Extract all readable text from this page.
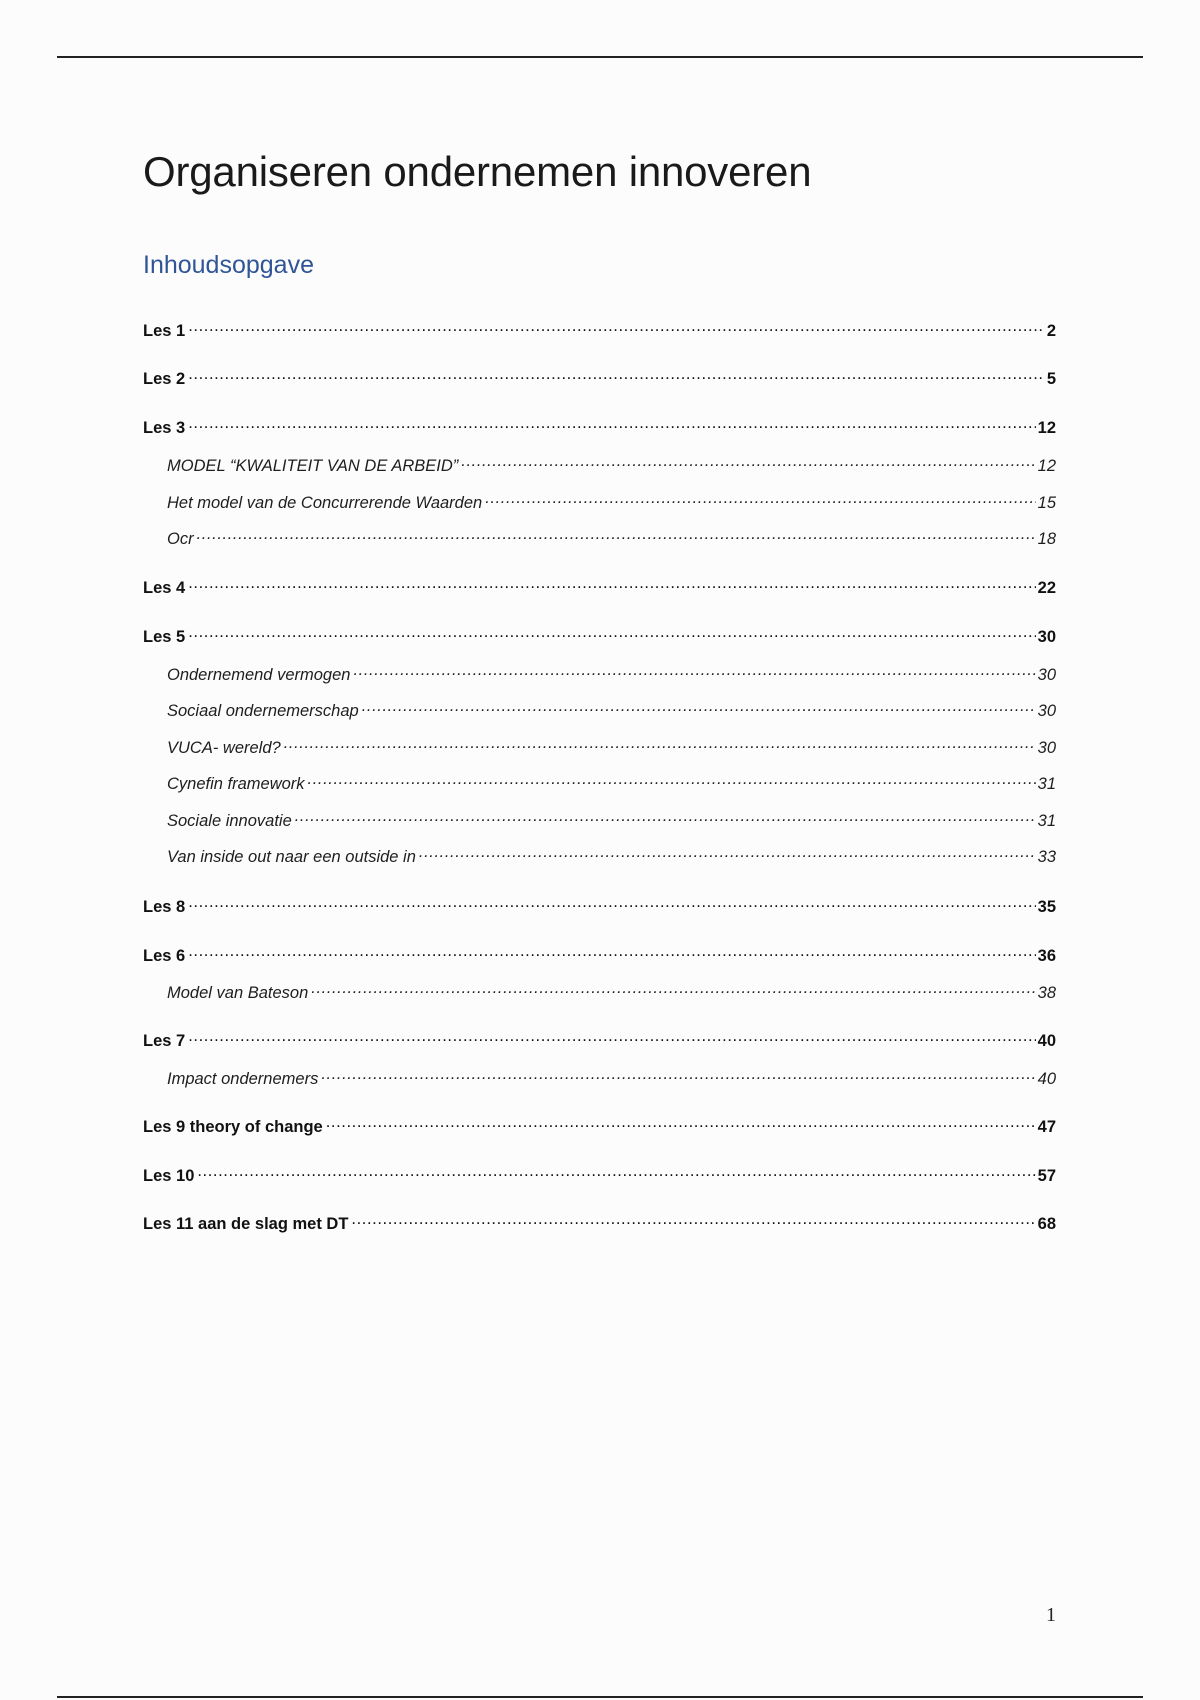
Organiseren ondernemen innoveren
Inhoudsopgave
Les 1 .....	2
Les 2 .....	5
Les 3 .....	12
MODEL “KWALITEIT VAN DE ARBEID” .....	12
Het model van de Concurrerende Waarden .....	15
Ocr .....	18
Les 4 .....	22
Les 5 .....	30
Ondernemend vermogen .....	30
Sociaal ondernemerschap .....	30
VUCA- wereld? .....	30
Cynefin framework .....	31
Sociale innovatie .....	31
Van inside out naar een outside in .....	33
Les 8 .....	35
Les 6 .....	36
Model van Bateson .....	38
Les 7 .....	40
Impact ondernemers .....	40
Les 9 theory of change .....	47
Les 10 .....	57
Les 11 aan de slag met DT .....	68
1
